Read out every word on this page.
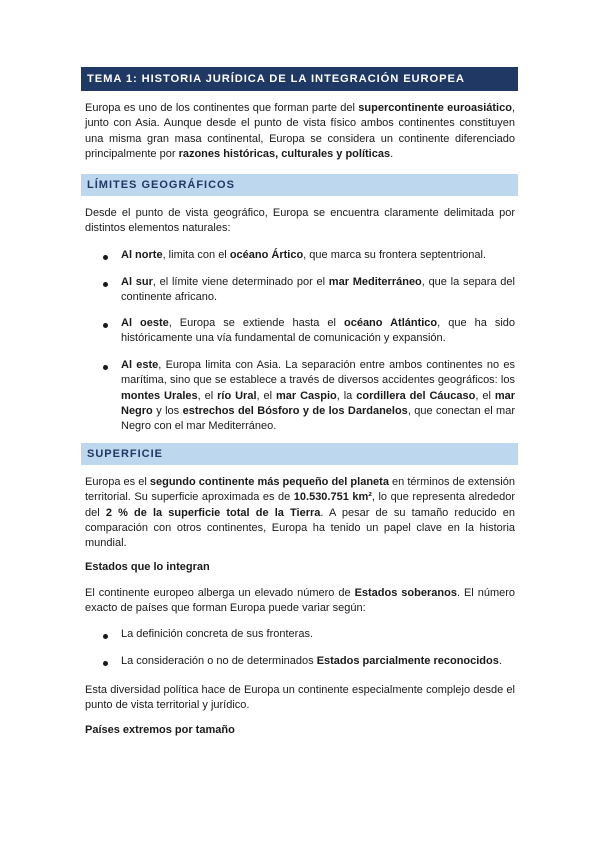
TEMA 1: HISTORIA JURÍDICA DE LA INTEGRACIÓN EUROPEA

Europa es uno de los continentes que forman parte del supercontinente euroasiático, junto con Asia. Aunque desde el punto de vista físico ambos continentes constituyen una misma gran masa continental, Europa se considera un continente diferenciado principalmente por razones históricas, culturales y políticas.

LÍMITES GEOGRÁFICOS

Desde el punto de vista geográfico, Europa se encuentra claramente delimitada por distintos elementos naturales:

Al norte, limita con el océano Ártico, que marca su frontera septentrional.

Al sur, el límite viene determinado por el mar Mediterráneo, que la separa del continente africano.

Al oeste, Europa se extiende hasta el océano Atlántico, que ha sido históricamente una vía fundamental de comunicación y expansión.

Al este, Europa limita con Asia. La separación entre ambos continentes no es marítima, sino que se establece a través de diversos accidentes geográficos: los montes Urales, el río Ural, el mar Caspio, la cordillera del Cáucaso, el mar Negro y los estrechos del Bósforo y de los Dardanelos, que conectan el mar Negro con el mar Mediterráneo.

SUPERFICIE

Europa es el segundo continente más pequeño del planeta en términos de extensión territorial. Su superficie aproximada es de 10.530.751 km², lo que representa alrededor del 2 % de la superficie total de la Tierra. A pesar de su tamaño reducido en comparación con otros continentes, Europa ha tenido un papel clave en la historia mundial.

Estados que lo integran

El continente europeo alberga un elevado número de Estados soberanos. El número exacto de países que forman Europa puede variar según:

La definición concreta de sus fronteras.

La consideración o no de determinados Estados parcialmente reconocidos.

Esta diversidad política hace de Europa un continente especialmente complejo desde el punto de vista territorial y jurídico.

Países extremos por tamaño
